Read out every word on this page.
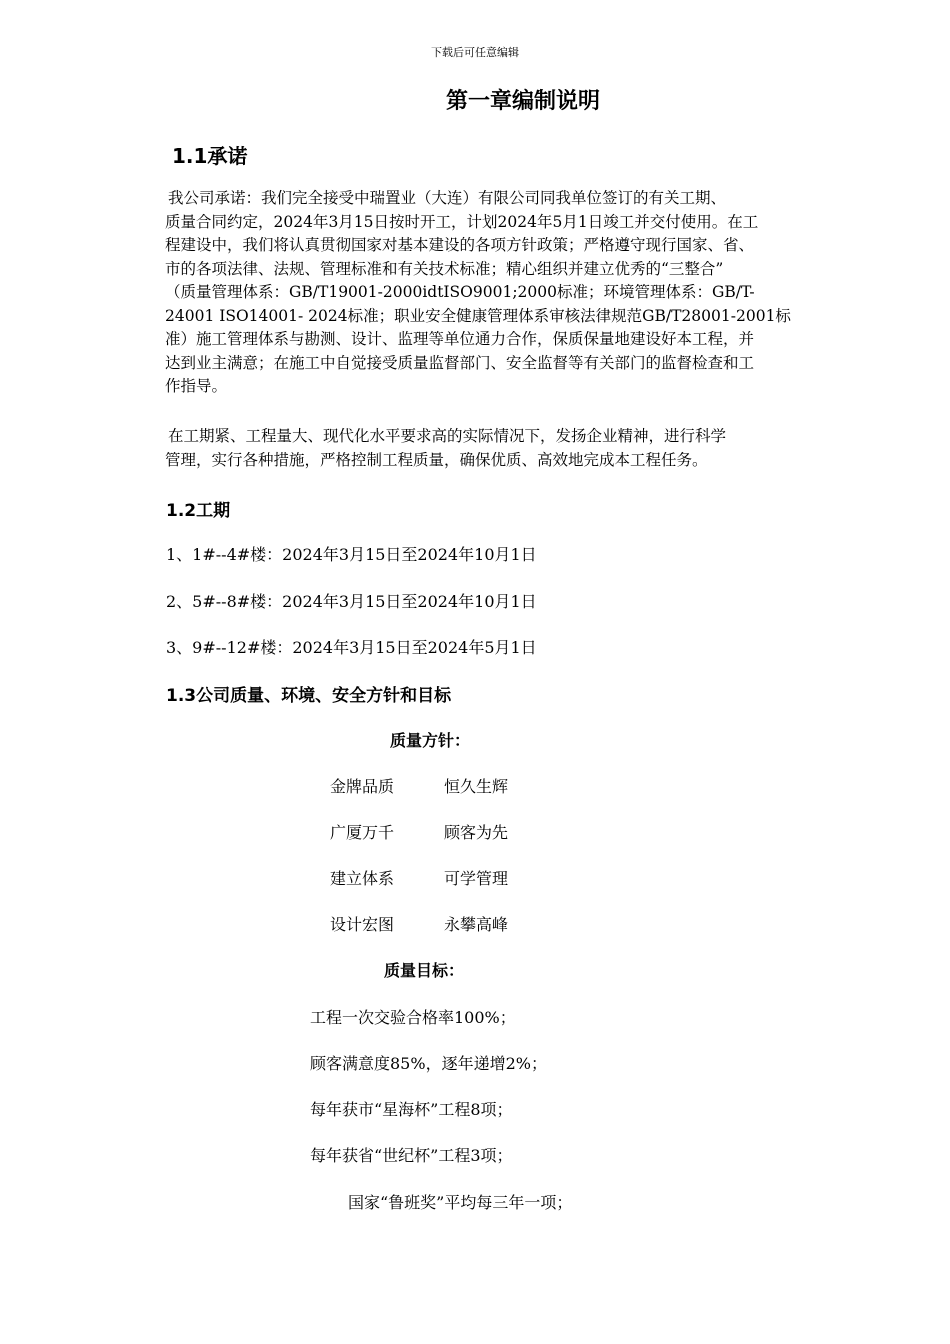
下载后可任意编辑
第一章编制说明
1.1承诺
我公司承诺：我们完全接受中瑞置业（大连）有限公司同我单位签订的有关工期、
质量合同约定，2024年3月15日按时开工，计划2024年5月1日竣工并交付使用。在工
程建设中，我们将认真贯彻国家对基本建设的各项方针政策；严格遵守现行国家、省、
市的各项法律、法规、管理标准和有关技术标准；精心组织并建立优秀的“三整合”
（质量管理体系：GB/T19001-2000idtISO9001;2000标准；环境管理体系：GB/T-
24001 ISO14001- 2024标准；职业安全健康管理体系审核法律规范GB/T28001-2001标
准）施工管理体系与勘测、设计、监理等单位通力合作，保质保量地建设好本工程，并
达到业主满意；在施工中自觉接受质量监督部门、安全监督等有关部门的监督检查和工
作指导。
在工期紧、工程量大、现代化水平要求高的实际情况下，发扬企业精神，进行科学
管理，实行各种措施，严格控制工程质量，确保优质、高效地完成本工程任务。
1.2工期
1、1#--4#楼：2024年3月15日至2024年10月1日
2、5#--8#楼：2024年3月15日至2024年10月1日
3、9#--12#楼：2024年3月15日至2024年5月1日
1.3公司质量、环境、安全方针和目标
质量方针：
金牌品质	恒久生辉
广厦万千	顾客为先
建立体系	可学管理
设计宏图	永攀高峰
质量目标：
工程一次交验合格率100%；
顾客满意度85%，逐年递增2%；
每年获市“星海杯”工程8项；
每年获省“世纪杯”工程3项；
国家“鲁班奖”平均每三年一项；
